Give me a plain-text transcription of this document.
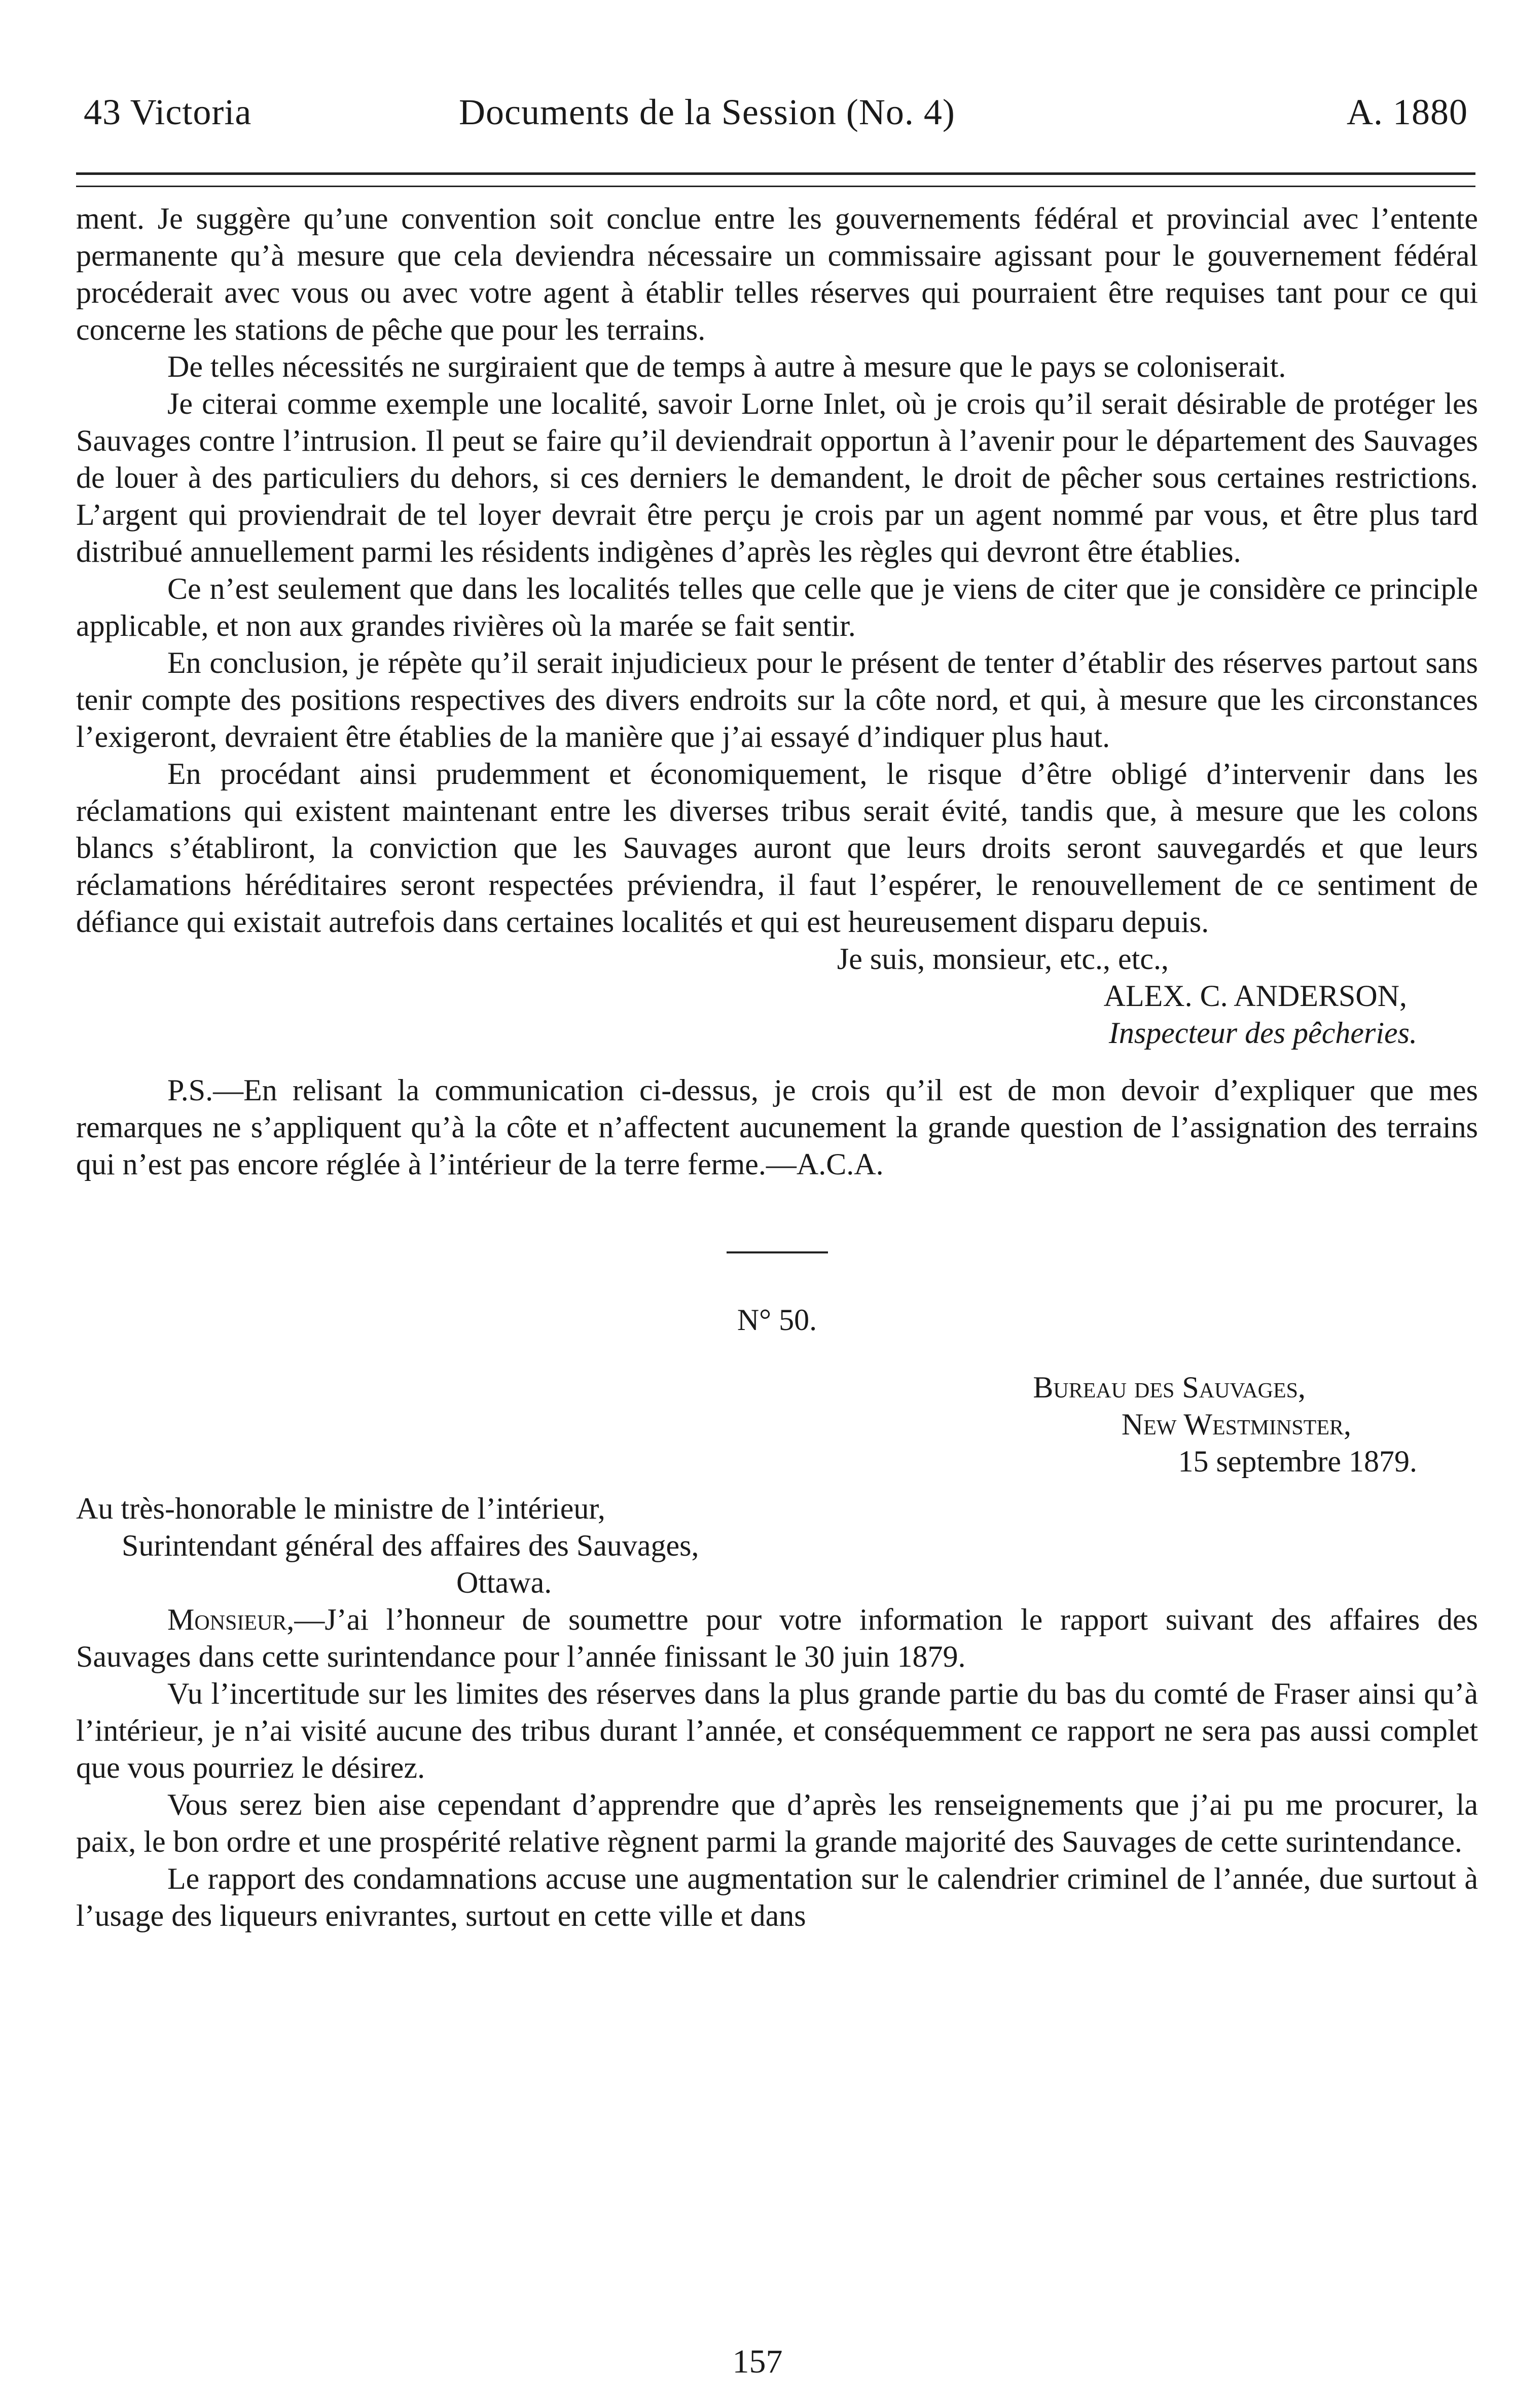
43 Victoria	Documents de la Session (No. 4)	A. 1880

ment. Je suggère qu’une convention soit conclue entre les gouvernements fédéral et provincial avec l’entente permanente qu’à mesure que cela deviendra nécessaire un commissaire agissant pour le gouvernement fédéral procéderait avec vous ou avec votre agent à établir telles réserves qui pourraient être requises tant pour ce qui concerne les stations de pêche que pour les terrains.

De telles nécessités ne surgiraient que de temps à autre à mesure que le pays se coloniserait.

Je citerai comme exemple une localité, savoir Lorne Inlet, où je crois qu’il serait désirable de protéger les Sauvages contre l’intrusion. Il peut se faire qu’il deviendrait opportun à l’avenir pour le département des Sauvages de louer à des particuliers du dehors, si ces derniers le demandent, le droit de pêcher sous certaines restrictions. L’argent qui proviendrait de tel loyer devrait être perçu je crois par un agent nommé par vous, et être plus tard distribué annuellement parmi les résidents indigènes d’après les règles qui devront être établies.

Ce n’est seulement que dans les localités telles que celle que je viens de citer que je considère ce principle applicable, et non aux grandes rivières où la marée se fait sentir.

En conclusion, je répète qu’il serait injudicieux pour le présent de tenter d’établir des réserves partout sans tenir compte des positions respectives des divers endroits sur la côte nord, et qui, à mesure que les circonstances l’exigeront, devraient être établies de la manière que j’ai essayé d’indiquer plus haut.

En procédant ainsi prudemment et économiquement, le risque d’être obligé d’intervenir dans les réclamations qui existent maintenant entre les diverses tribus serait évité, tandis que, à mesure que les colons blancs s’établiront, la conviction que les Sauvages auront que leurs droits seront sauvegardés et que leurs réclamations héréditaires seront respectées préviendra, il faut l’espérer, le renouvellement de ce sentiment de défiance qui existait autrefois dans certaines localités et qui est heureusement disparu depuis.

Je suis, monsieur, etc., etc.,
ALEX. C. ANDERSON,
Inspecteur des pêcheries.

P.S.—En relisant la communication ci-dessus, je crois qu’il est de mon devoir d’expliquer que mes remarques ne s’appliquent qu’à la côte et n’affectent aucunement la grande question de l’assignation des terrains qui n’est pas encore réglée à l’intérieur de la terre ferme.—A.C.A.

N° 50.
Bureau des Sauvages,
New Westminster,
15 septembre 1879.
Au très-honorable le ministre de l’intérieur,
Surintendant général des affaires des Sauvages,
Ottawa.

Monsieur,—J’ai l’honneur de soumettre pour votre information le rapport suivant des affaires des Sauvages dans cette surintendance pour l’année finissant le 30 juin 1879.

Vu l’incertitude sur les limites des réserves dans la plus grande partie du bas du comté de Fraser ainsi qu’à l’intérieur, je n’ai visité aucune des tribus durant l’année, et conséquemment ce rapport ne sera pas aussi complet que vous pourriez le désirez.

Vous serez bien aise cependant d’apprendre que d’après les renseignements que j’ai pu me procurer, la paix, le bon ordre et une prospérité relative règnent parmi la grande majorité des Sauvages de cette surintendance.

Le rapport des condamnations accuse une augmentation sur le calendrier criminel de l’année, due surtout à l’usage des liqueurs enivrantes, surtout en cette ville et dans

157
